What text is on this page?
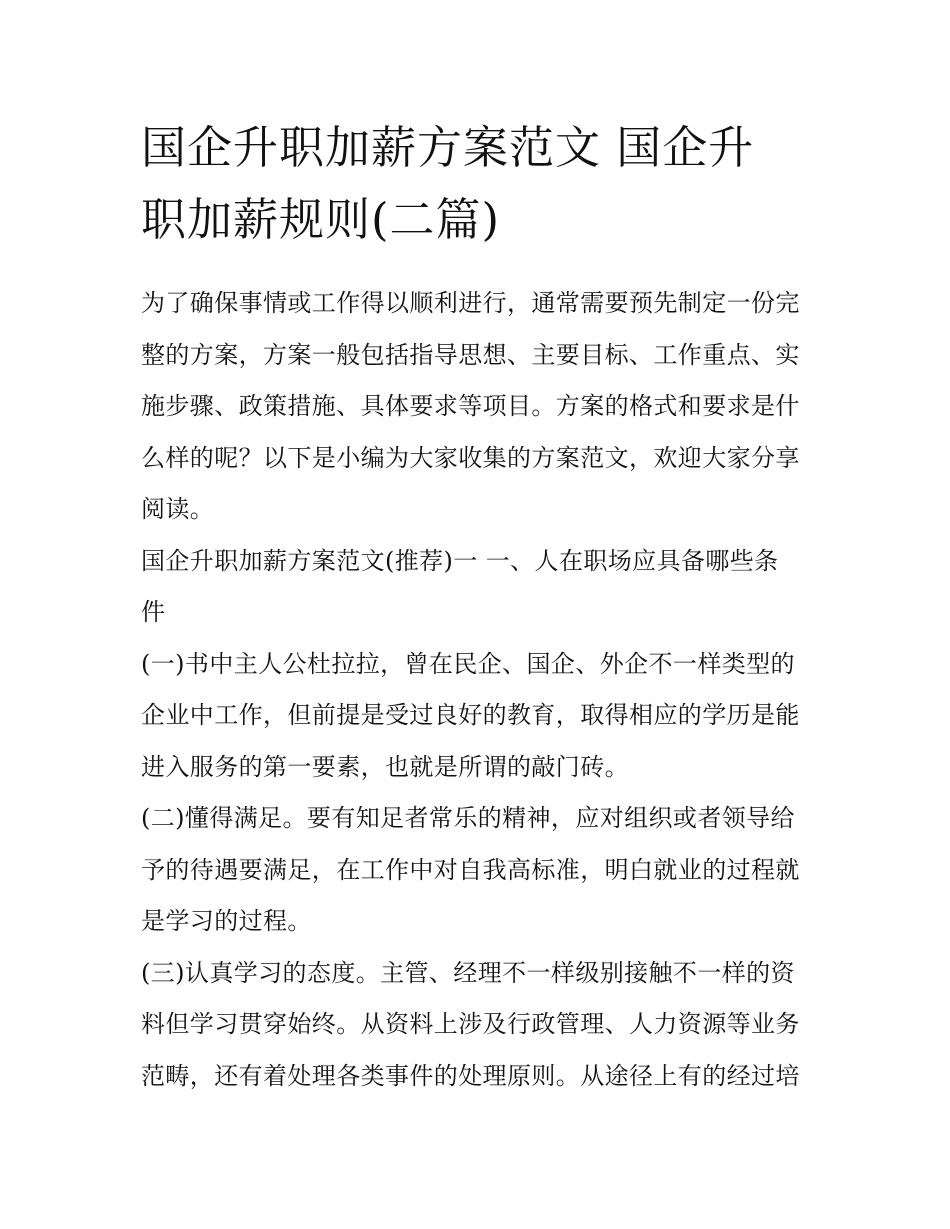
国企升职加薪方案范文 国企升
职加薪规则(二篇)

为了确保事情或工作得以顺利进行，通常需要预先制定一份完
整的方案，方案一般包括指导思想、主要目标、工作重点、实
施步骤、政策措施、具体要求等项目。方案的格式和要求是什
么样的呢？以下是小编为大家收集的方案范文，欢迎大家分享
阅读。

国企升职加薪方案范文(推荐)一 一、人在职场应具备哪些条
件

(一)书中主人公杜拉拉，曾在民企、国企、外企不一样类型的
企业中工作，但前提是受过良好的教育，取得相应的学历是能
进入服务的第一要素，也就是所谓的敲门砖。

(二)懂得满足。要有知足者常乐的精神，应对组织或者领导给
予的待遇要满足，在工作中对自我高标准，明白就业的过程就
是学习的过程。

(三)认真学习的态度。主管、经理不一样级别接触不一样的资
料但学习贯穿始终。从资料上涉及行政管理、人力资源等业务
范畴，还有着处理各类事件的处理原则。从途径上有的经过培
